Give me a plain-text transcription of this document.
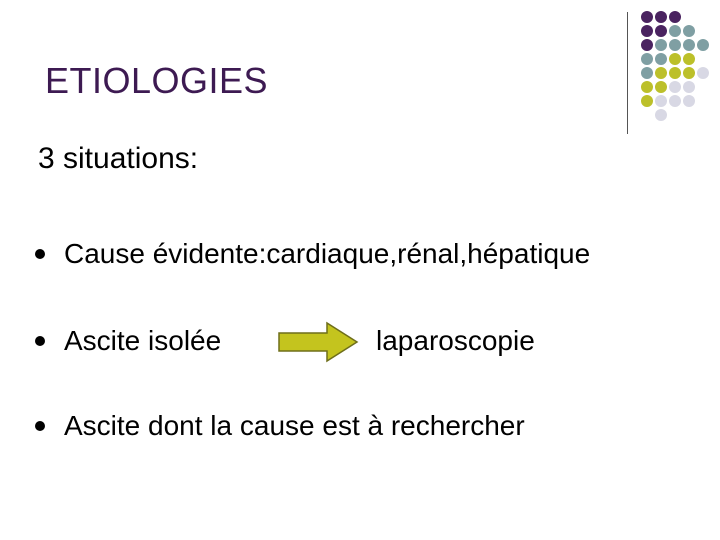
ETIOLOGIES
3 situations:
Cause évidente:cardiaque,rénal,hépatique
Ascite isolée	laparoscopie
Ascite dont la cause est à rechercher
